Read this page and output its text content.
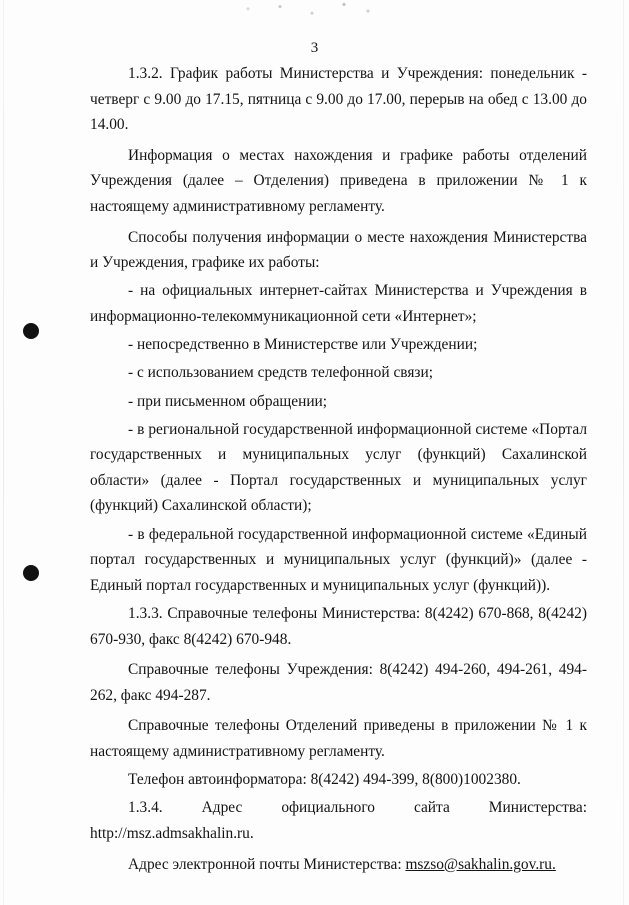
3

1.3.2. График работы Министерства и Учреждения: понедельник - четверг с 9.00 до 17.15, пятница с 9.00 до 17.00, перерыв на обед с 13.00 до 14.00.

Информация о местах нахождения и графике работы отделений Учреждения (далее – Отделения) приведена в приложении № 1 к настоящему административному регламенту.

Способы получения информации о месте нахождения Министерства и Учреждения, графике их работы:

- на официальных интернет-сайтах Министерства и Учреждения в информационно-телекоммуникационной сети «Интернет»;

- непосредственно в Министерстве или Учреждении;

- с использованием средств телефонной связи;

- при письменном обращении;

- в региональной государственной информационной системе «Портал государственных и муниципальных услуг (функций) Сахалинской области» (далее - Портал государственных и муниципальных услуг (функций) Сахалинской области);

- в федеральной государственной информационной системе «Единый портал государственных и муниципальных услуг (функций)» (далее - Единый портал государственных и муниципальных услуг (функций)).

1.3.3. Справочные телефоны Министерства: 8(4242) 670-868, 8(4242) 670-930, факс 8(4242) 670-948.

Справочные телефоны Учреждения: 8(4242) 494-260, 494-261, 494-262, факс 494-287.

Справочные телефоны Отделений приведены в приложении № 1 к настоящему административному регламенту.

Телефон автоинформатора: 8(4242) 494-399, 8(800)1002380.

1.3.4. Адрес официального сайта Министерства: http://msz.admsakhalin.ru.

Адрес электронной почты Министерства: mszso@sakhalin.gov.ru.
